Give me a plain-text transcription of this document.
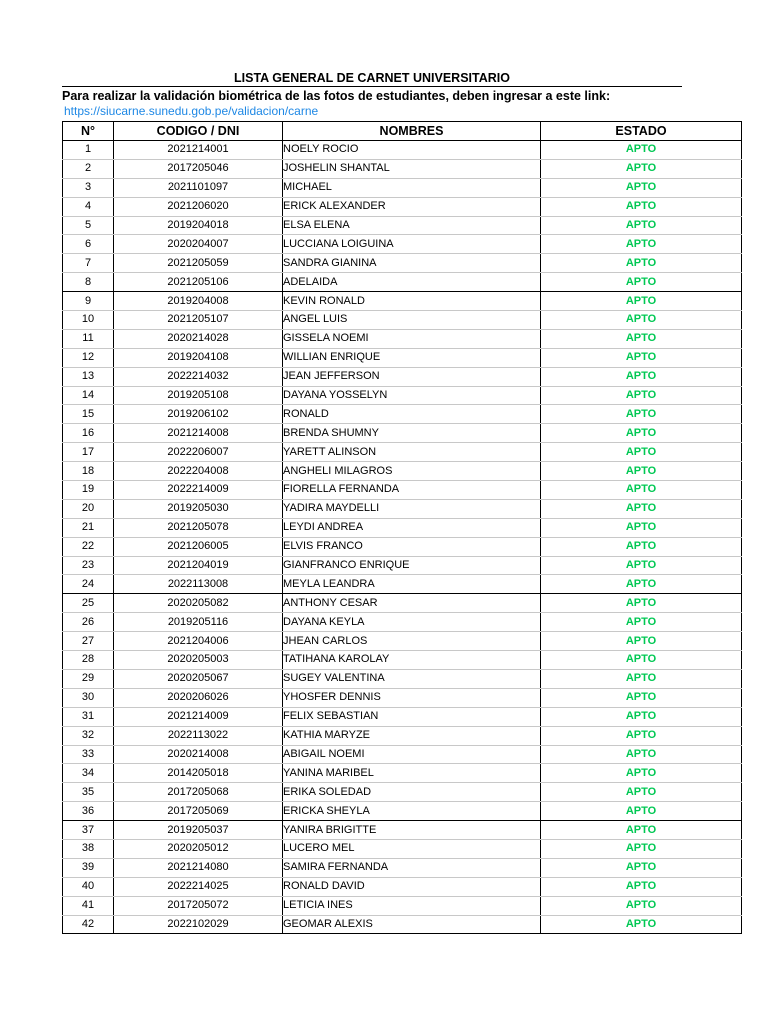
LISTA GENERAL DE CARNET UNIVERSITARIO
Para realizar la validación biométrica de las fotos de estudiantes, deben ingresar a este link:
https://siucarne.sunedu.gob.pe/validacion/carne
N°	CODIGO / DNI	NOMBRES	ESTADO
1	2021214001	NOELY ROCIO	APTO
2	2017205046	JOSHELIN SHANTAL	APTO
3	2021101097	MICHAEL	APTO
4	2021206020	ERICK ALEXANDER	APTO
5	2019204018	ELSA ELENA	APTO
6	2020204007	LUCCIANA LOIGUINA	APTO
7	2021205059	SANDRA GIANINA	APTO
8	2021205106	ADELAIDA	APTO
9	2019204008	KEVIN RONALD	APTO
10	2021205107	ANGEL LUIS	APTO
11	2020214028	GISSELA NOEMI	APTO
12	2019204108	WILLIAN ENRIQUE	APTO
13	2022214032	JEAN JEFFERSON	APTO
14	2019205108	DAYANA YOSSELYN	APTO
15	2019206102	RONALD	APTO
16	2021214008	BRENDA SHUMNY	APTO
17	2022206007	YARETT ALINSON	APTO
18	2022204008	ANGHELI MILAGROS	APTO
19	2022214009	FIORELLA FERNANDA	APTO
20	2019205030	YADIRA MAYDELLI	APTO
21	2021205078	LEYDI ANDREA	APTO
22	2021206005	ELVIS FRANCO	APTO
23	2021204019	GIANFRANCO ENRIQUE	APTO
24	2022113008	MEYLA LEANDRA	APTO
25	2020205082	ANTHONY CESAR	APTO
26	2019205116	DAYANA KEYLA	APTO
27	2021204006	JHEAN CARLOS	APTO
28	2020205003	TATIHANA KAROLAY	APTO
29	2020205067	SUGEY VALENTINA	APTO
30	2020206026	YHOSFER DENNIS	APTO
31	2021214009	FELIX SEBASTIAN	APTO
32	2022113022	KATHIA MARYZE	APTO
33	2020214008	ABIGAIL NOEMI	APTO
34	2014205018	YANINA MARIBEL	APTO
35	2017205068	ERIKA SOLEDAD	APTO
36	2017205069	ERICKA SHEYLA	APTO
37	2019205037	YANIRA BRIGITTE	APTO
38	2020205012	LUCERO MEL	APTO
39	2021214080	SAMIRA FERNANDA	APTO
40	2022214025	RONALD DAVID	APTO
41	2017205072	LETICIA INES	APTO
42	2022102029	GEOMAR ALEXIS	APTO
